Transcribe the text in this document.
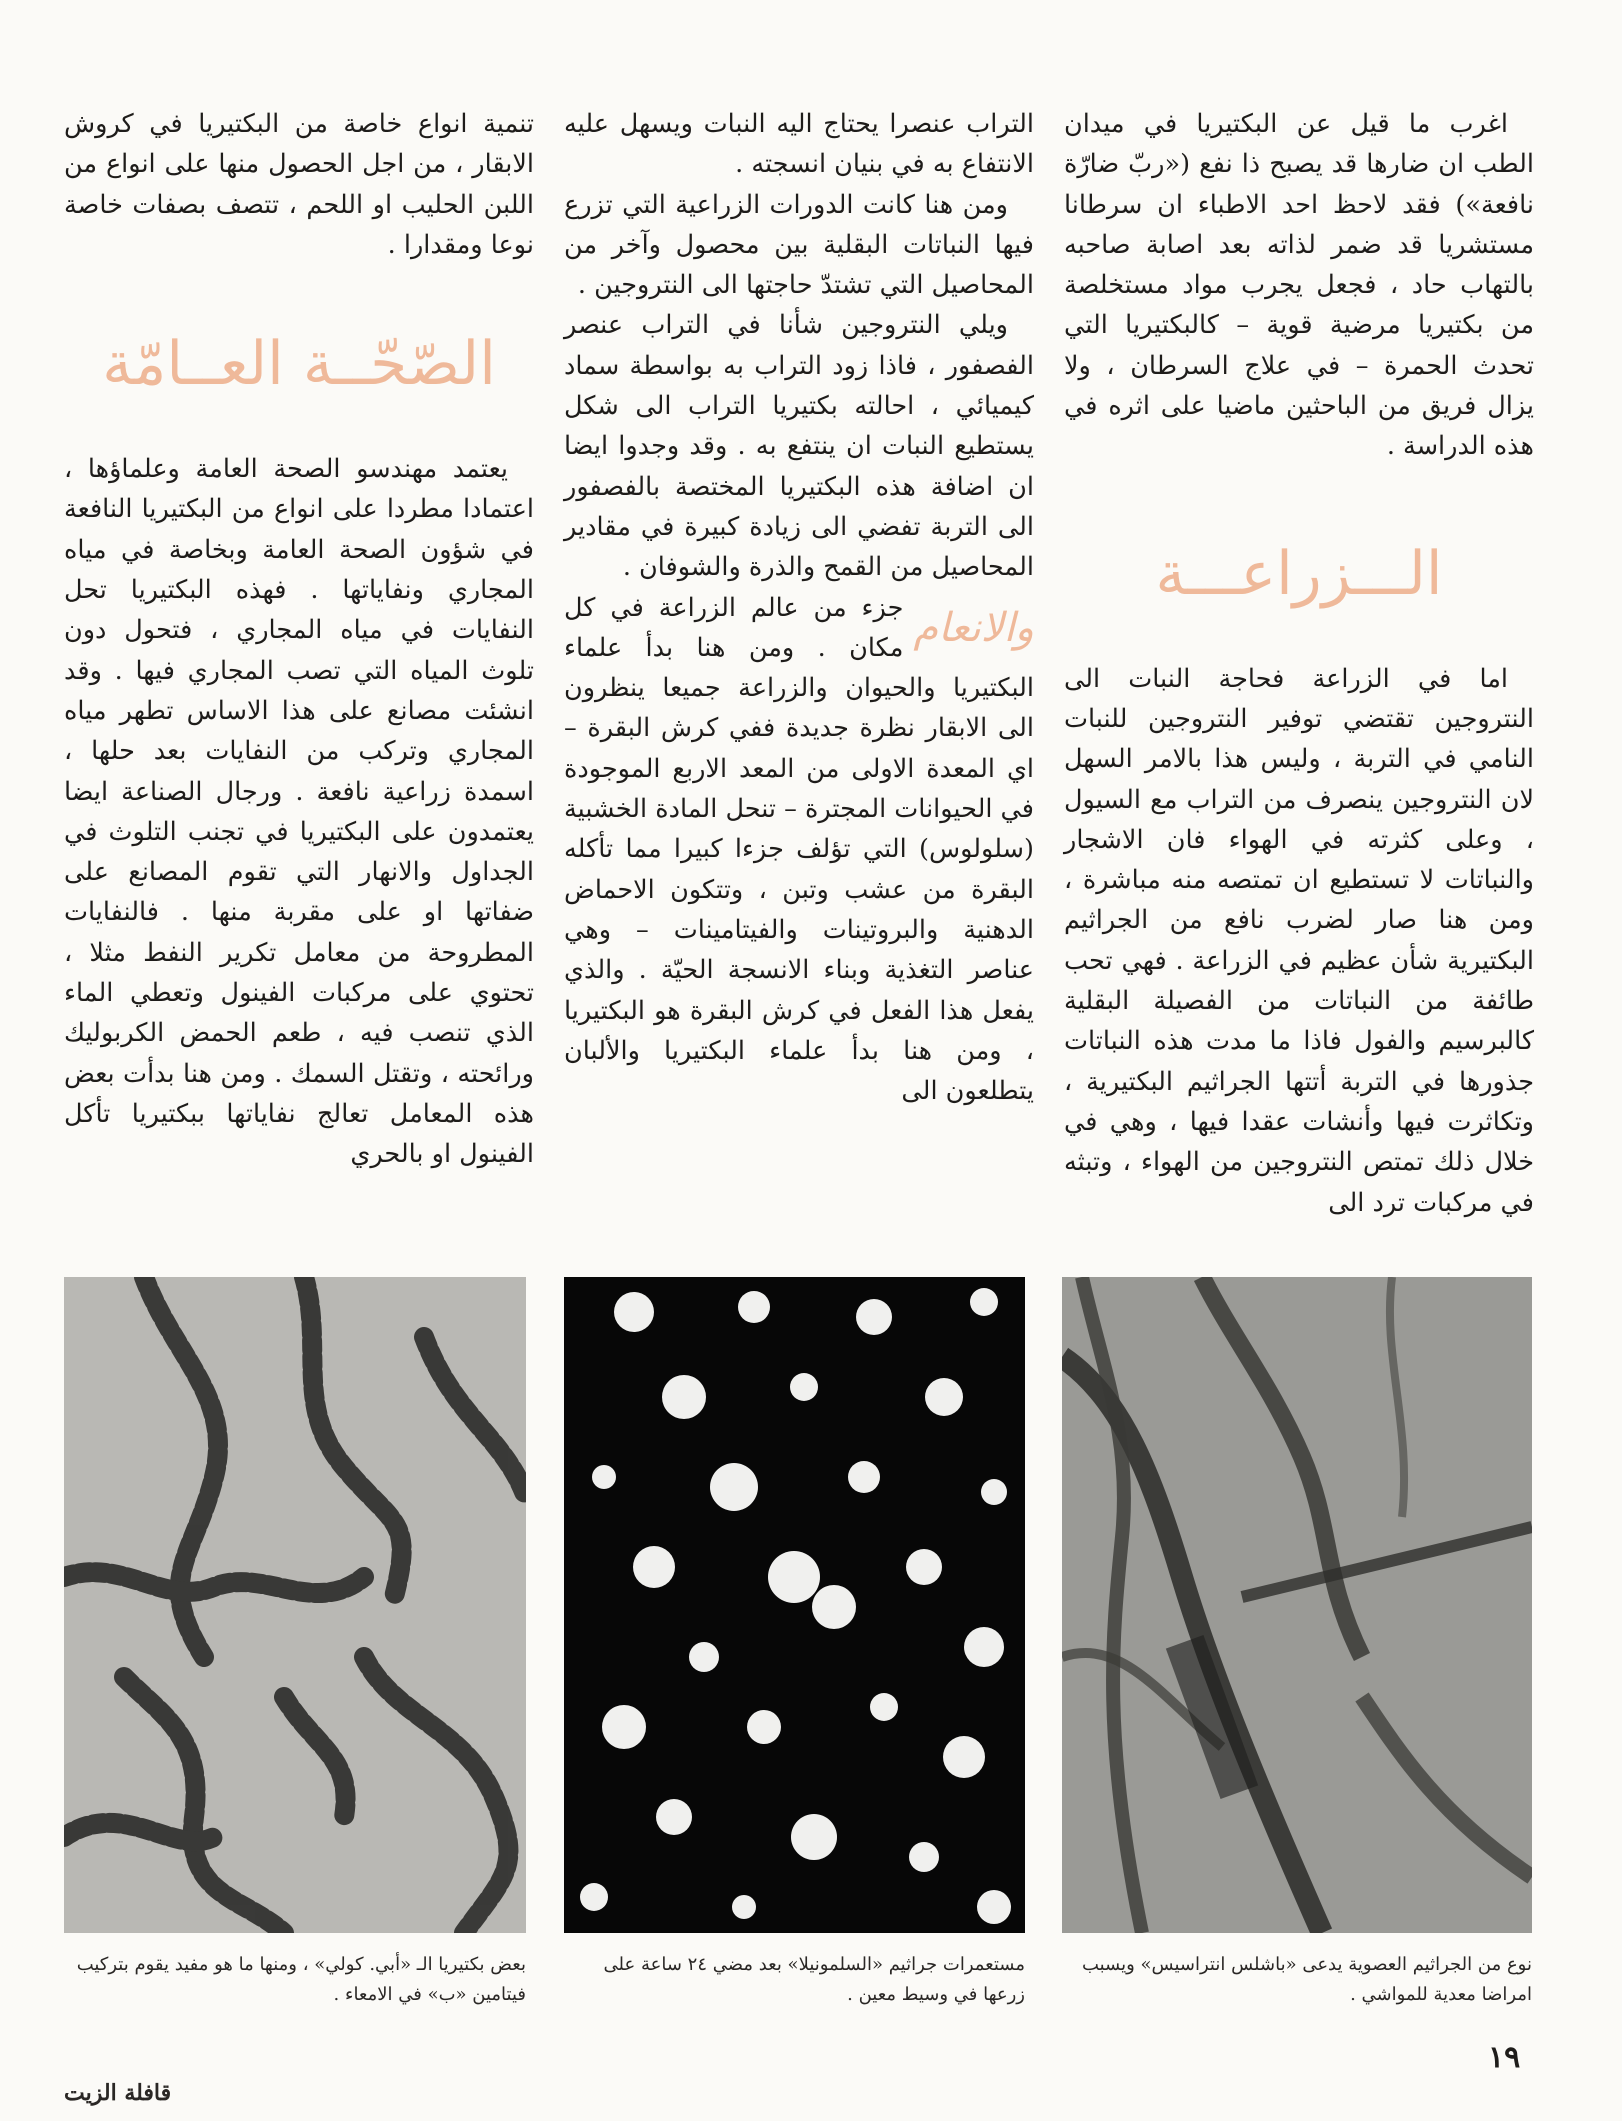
اغرب ما قيل عن البكتيريا في ميدان الطب ان ضارها قد يصبح ذا نفع («ربّ ضارّة نافعة») فقد لاحظ احد الاطباء ان سرطانا مستشريا قد ضمر لذاته بعد اصابة صاحبه بالتهاب حاد ، فجعل يجرب مواد مستخلصة من بكتيريا مرضية قوية – كالبكتيريا التي تحدث الحمرة – في علاج السرطان ، ولا يزال فريق من الباحثين ماضيا على اثره في هذه الدراسة .

الـــزراعـــة

اما في الزراعة فحاجة النبات الى النتروجين تقتضي توفير النتروجين للنبات النامي في التربة ، وليس هذا بالامر السهل لان النتروجين ينصرف من التراب مع السيول ، وعلى كثرته في الهواء فان الاشجار والنباتات لا تستطيع ان تمتصه منه مباشرة ، ومن هنا صار لضرب نافع من الجراثيم البكتيرية شأن عظيم في الزراعة . فهي تحب طائفة من النباتات من الفصيلة البقلية كالبرسيم والفول فاذا ما مدت هذه النباتات جذورها في التربة أتتها الجراثيم البكتيرية ، وتكاثرت فيها وأنشات عقدا فيها ، وهي في خلال ذلك تمتص النتروجين من الهواء ، وتبثه في مركبات ترد الى

التراب عنصرا يحتاج اليه النبات ويسهل عليه الانتفاع به في بنيان انسجته .

ومن هنا كانت الدورات الزراعية التي تزرع فيها النباتات البقلية بين محصول وآخر من المحاصيل التي تشتدّ حاجتها الى النتروجين .

ويلي النتروجين شأنا في التراب عنصر الفصفور ، فاذا زود التراب به بواسطة سماد كيميائي ، احالته بكتيريا التراب الى شكل يستطيع النبات ان ينتفع به . وقد وجدوا ايضا ان اضافة هذه البكتيريا المختصة بالفصفور الى التربة تفضي الى زيادة كبيرة في مقادير المحاصيل من القمح والذرة والشوفان .

والانعام
جزء من عالم الزراعة في كل مكان . ومن هنا بدأ علماء البكتيريا والحيوان والزراعة جميعا ينظرون الى الابقار نظرة جديدة ففي كرش البقرة – اي المعدة الاولى من المعد الاربع الموجودة في الحيوانات المجترة – تنحل المادة الخشبية (سلولوس) التي تؤلف جزءا كبيرا مما تأكله البقرة من عشب وتبن ، وتتكون الاحماض الدهنية والبروتينات والفيتامينات – وهي عناصر التغذية وبناء الانسجة الحيّة . والذي يفعل هذا الفعل في كرش البقرة هو البكتيريا ، ومن هنا بدأ علماء البكتيريا والألبان يتطلعون الى

تنمية انواع خاصة من البكتيريا في كروش الابقار ، من اجل الحصول منها على انواع من اللبن الحليب او اللحم ، تتصف بصفات خاصة نوعا ومقدارا .

الصّحّــة العــامّة

يعتمد مهندسو الصحة العامة وعلماؤها ، اعتمادا مطردا على انواع من البكتيريا النافعة في شؤون الصحة العامة وبخاصة في مياه المجاري ونفاياتها . فهذه البكتيريا تحل النفايات في مياه المجاري ، فتحول دون تلوث المياه التي تصب المجاري فيها . وقد انشئت مصانع على هذا الاساس تطهر مياه المجاري وتركب من النفايات بعد حلها ، اسمدة زراعية نافعة . ورجال الصناعة ايضا يعتمدون على البكتيريا في تجنب التلوث في الجداول والانهار التي تقوم المصانع على ضفاتها او على مقربة منها . فالنفايات المطروحة من معامل تكرير النفط مثلا ، تحتوي على مركبات الفينول وتعطي الماء الذي تنصب فيه ، طعم الحمض الكربوليك ورائحته ، وتقتل السمك . ومن هنا بدأت بعض هذه المعامل تعالج نفاياتها ببكتيريا تأكل الفينول او بالحري

نوع من الجراثيم العصوية يدعى «باشلس انتراسيس» ويسبب امراضا معدية للمواشي .
مستعمرات جراثيم «السلمونيلا» بعد مضي ٢٤ ساعة على زرعها في وسيط معين .
بعض بكتيريا الـ «أبي. كولي» ، ومنها ما هو مفيد يقوم بتركيب فيتامين «ب» في الامعاء .
١٩
قافلة الزيت
